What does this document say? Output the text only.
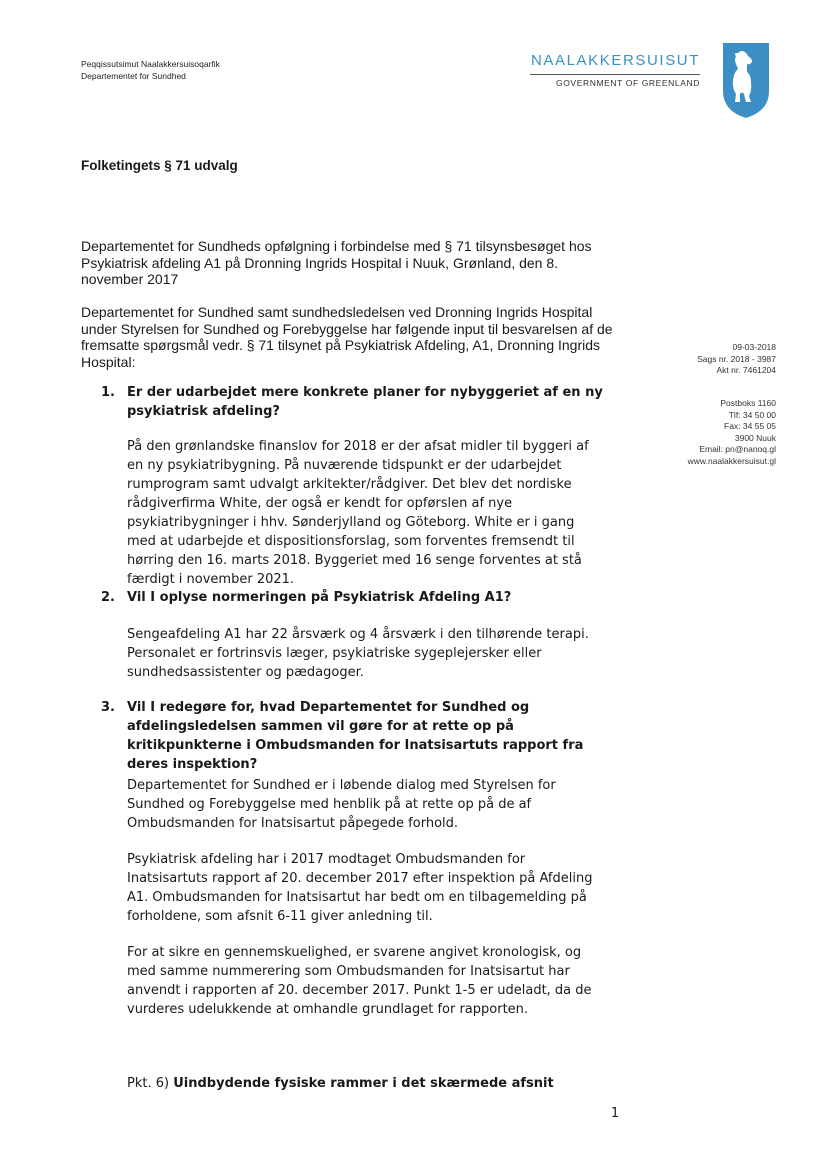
Peqqissutsimut Naalakkersuisoqarfik
Departementet for Sundhed
NAALAKKERSUISUT
GOVERNMENT OF GREENLAND
Folketingets § 71 udvalg
Departementet for Sundheds opfølgning i forbindelse med § 71 tilsynsbesøget hos Psykiatrisk afdeling A1 på Dronning Ingrids Hospital i Nuuk, Grønland, den 8. november 2017
Departementet for Sundhed samt sundhedsledelsen ved Dronning Ingrids Hospital under Styrelsen for Sundhed og Forebyggelse har følgende input til besvarelsen af de fremsatte spørgsmål vedr. § 71 tilsynet på Psykiatrisk Afdeling, A1, Dronning Ingrids Hospital:
09-03-2018
Sags nr. 2018 - 3987
Akt nr. 7461204
Postboks 1160
Tlf: 34 50 00
Fax: 34 55 05
3900 Nuuk
Email: pn@nanoq.gl
www.naalakkersuisut.gl
1. Er der udarbejdet mere konkrete planer for nybyggeriet af en ny psykiatrisk afdeling?
På den grønlandske finanslov for 2018 er der afsat midler til byggeri af en ny psykiatribygning. På nuværende tidspunkt er der udarbejdet rumprogram samt udvalgt arkitekter/rådgiver. Det blev det nordiske rådgiverfirma White, der også er kendt for opførslen af nye psykiatribygninger i hhv. Sønderjylland og Göteborg. White er i gang med at udarbejde et dispositionsforslag, som forventes fremsendt til hørring den 16. marts 2018. Byggeriet med 16 senge forventes at stå færdigt i november 2021.
2. Vil I oplyse normeringen på Psykiatrisk Afdeling A1?
Sengeafdeling A1 har 22 årsværk og 4 årsværk i den tilhørende terapi. Personalet er fortrinsvis læger, psykiatriske sygeplejersker eller sundhedsassistenter og pædagoger.
3. Vil I redegøre for, hvad Departementet for Sundhed og afdelingsledelsen sammen vil gøre for at rette op på kritikpunkterne i Ombudsmanden for Inatsisartuts rapport fra deres inspektion?
Departementet for Sundhed er i løbende dialog med Styrelsen for Sundhed og Forebyggelse med henblik på at rette op på de af Ombudsmanden for Inatsisartut påpegede forhold.
Psykiatrisk afdeling har i 2017 modtaget Ombudsmanden for Inatsisartuts rapport af 20. december 2017 efter inspektion på Afdeling A1. Ombudsmanden for Inatsisartut har bedt om en tilbagemelding på forholdene, som afsnit 6-11 giver anledning til.
For at sikre en gennemskuelighed, er svarene angivet kronologisk, og med samme nummerering som Ombudsmanden for Inatsisartut har anvendt i rapporten af 20. december 2017. Punkt 1-5 er udeladt, da de vurderes udelukkende at omhandle grundlaget for rapporten.
Pkt. 6) Uindbydende fysiske rammer i det skærmede afsnit
1
